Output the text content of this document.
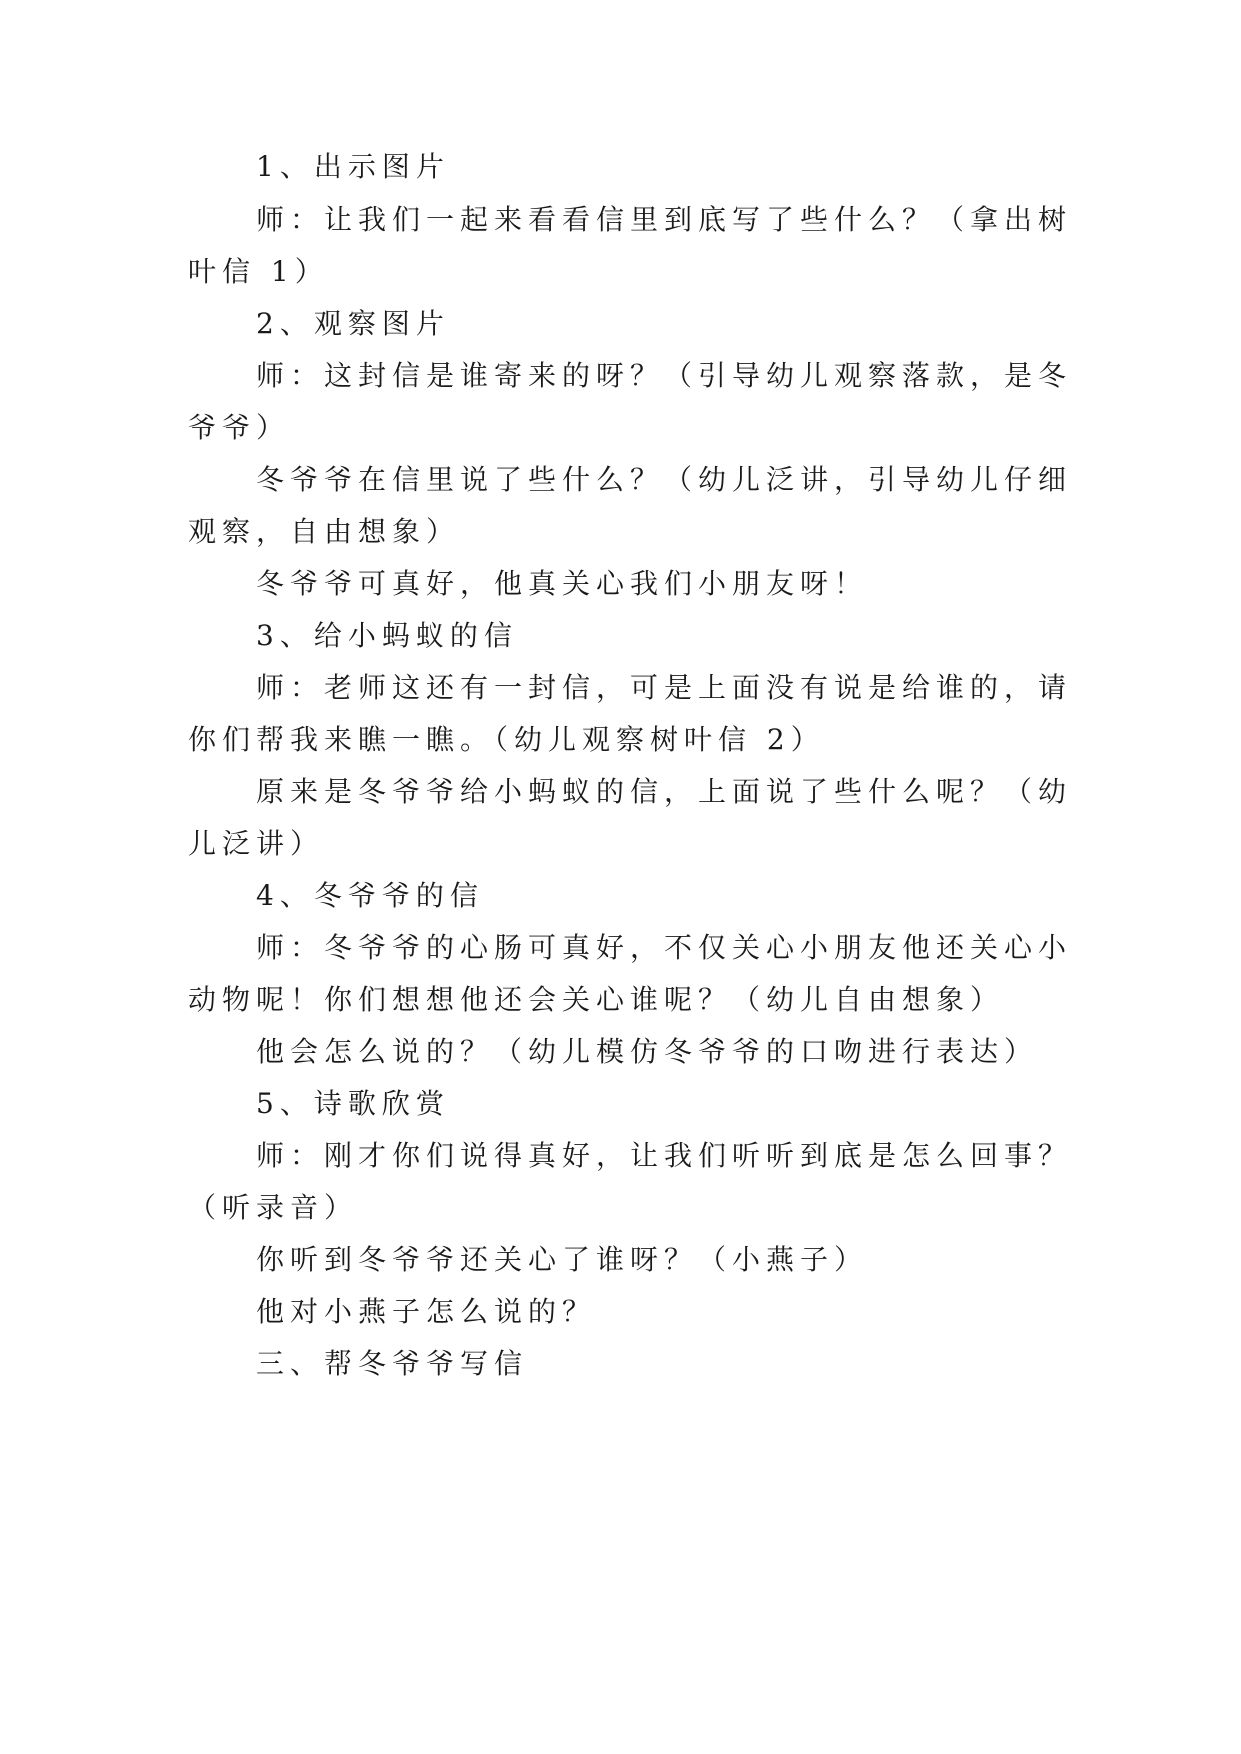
1、出示图片
师：让我们一起来看看信里到底写了些什么？（拿出树
叶信 1）
2、观察图片
师：这封信是谁寄来的呀？（引导幼儿观察落款，是冬
爷爷）
冬爷爷在信里说了些什么？（幼儿泛讲，引导幼儿仔细
观察，自由想象）
冬爷爷可真好，他真关心我们小朋友呀！
3、给小蚂蚁的信
师：老师这还有一封信，可是上面没有说是给谁的，请
你们帮我来瞧一瞧。（幼儿观察树叶信 2）
原来是冬爷爷给小蚂蚁的信，上面说了些什么呢？（幼
儿泛讲）
4、冬爷爷的信
师：冬爷爷的心肠可真好，不仅关心小朋友他还关心小
动物呢！你们想想他还会关心谁呢？（幼儿自由想象）
他会怎么说的？（幼儿模仿冬爷爷的口吻进行表达）
5、诗歌欣赏
师：刚才你们说得真好，让我们听听到底是怎么回事？
（听录音）
你听到冬爷爷还关心了谁呀？（小燕子）
他对小燕子怎么说的？
三、帮冬爷爷写信
